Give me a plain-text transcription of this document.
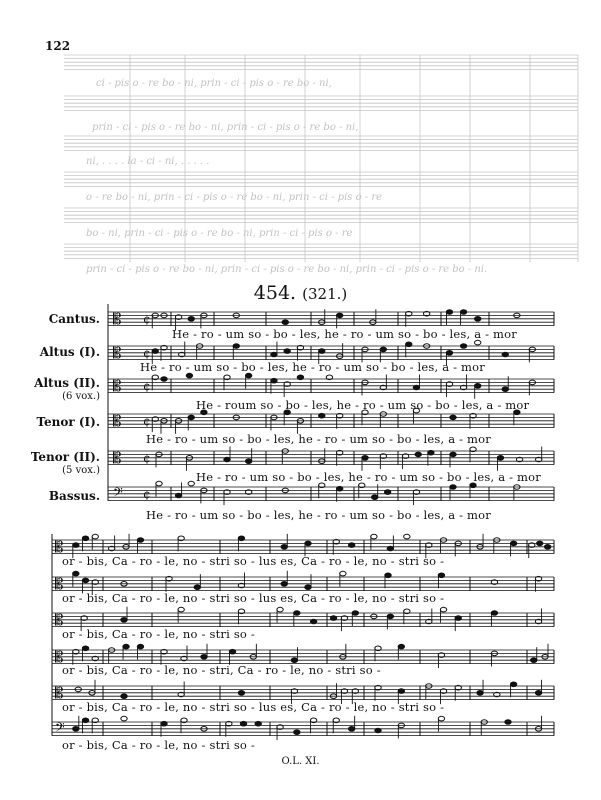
122
ci - pis o - re bo - ni, prin - ci - pis o - re bo - ni,
prin - ci - pis o - re bo - ni, prin - ci - pis o - re bo - ni,
ni, . . . . la - ci - ni, . . . . .
o - re bo - ni, prin - ci - pis o - re bo - ni, prin - ci - pis o - re
bo - ni, prin - ci - pis o - re bo - ni, prin - ci - pis o - re
prin - ci - pis o - re bo - ni, prin - ci - pis o - re bo - ni, prin - ci - pis o - re bo - ni.
454. (321.)
Cantus.
Altus (I).
Altus (II).
(6 vox.)
Tenor (I).
Tenor (II).
(5 vox.)
Bassus.
𝄡
𝄡
𝄡
𝄡
𝄡
𝄢
𝄡
𝄡
𝄡
𝄡
𝄡
𝄢
¢
¢
¢
¢
¢
¢
He - ro - um so - bo - les, he - ro - um so - bo - les, a - mor
He - ro - um so - bo - les, he - ro - um so - bo - les, a - mor
He - roum so - bo - les, he - ro - um so - bo - les, a - mor
He - ro - um so - bo - les, he - ro - um so - bo - les, a - mor
He - ro - um so - bo - les, he - ro - um so - bo - les, a - mor
He - ro - um so - bo - les, he - ro - um so - bo - les, a - mor
or - bis, Ca - ro - le, no - stri so - lus es, Ca - ro - le, no - stri so -
or - bis, Ca - ro - le, no - stri so - lus es, Ca - ro - le, no - stri so -
or - bis, Ca - ro - le, no - stri so -
or - bis, Ca - ro - le, no - stri, Ca - ro - le, no - stri so -
or - bis, Ca - ro - le, no - stri so - lus es, Ca - ro - le, no - stri so -
or - bis, Ca - ro - le, no - stri so -
O.L. XI.
